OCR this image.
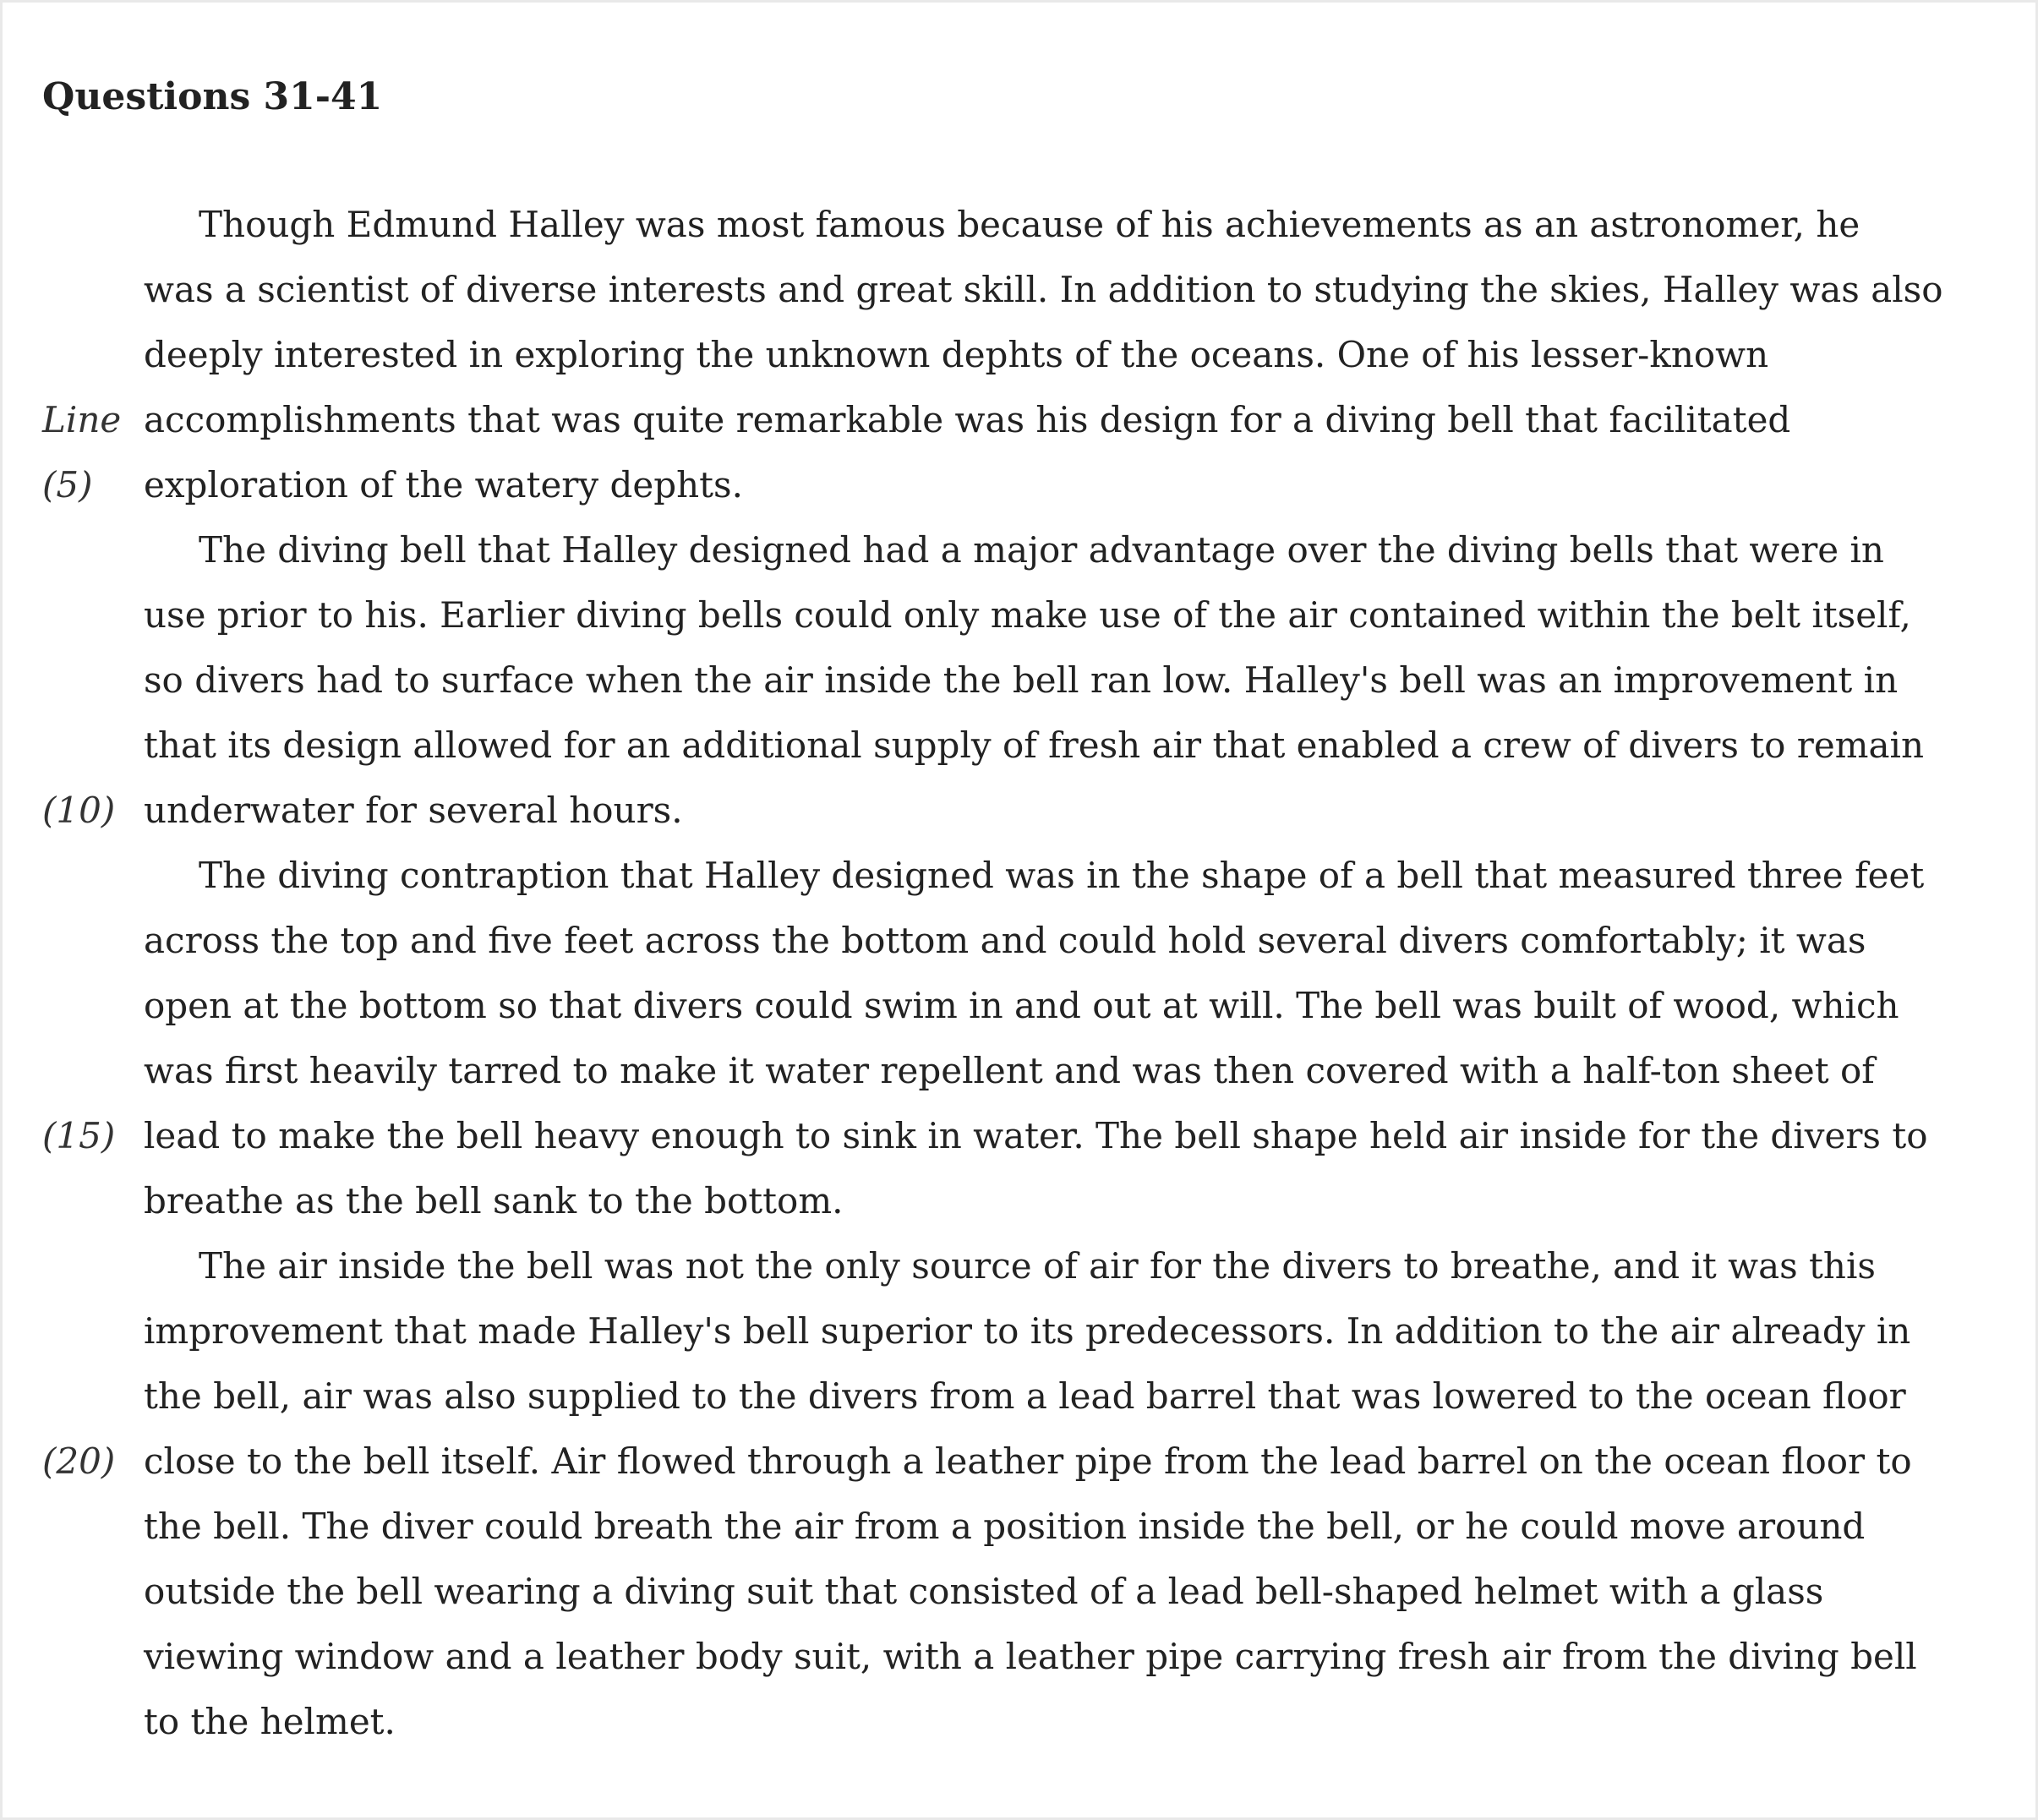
Questions 31-41
Though Edmund Halley was most famous because of his achievements as an astronomer, he
was a scientist of diverse interests and great skill. In addition to studying the skies, Halley was also
deeply interested in exploring the unknown dephts of the oceans. One of his lesser-known
Line accomplishments that was quite remarkable was his design for a diving bell that facilitated
(5) exploration of the watery dephts.
The diving bell that Halley designed had a major advantage over the diving bells that were in
use prior to his. Earlier diving bells could only make use of the air contained within the belt itself,
so divers had to surface when the air inside the bell ran low. Halley's bell was an improvement in
that its design allowed for an additional supply of fresh air that enabled a crew of divers to remain
(10) underwater for several hours.
The diving contraption that Halley designed was in the shape of a bell that measured three feet
across the top and five feet across the bottom and could hold several divers comfortably; it was
open at the bottom so that divers could swim in and out at will. The bell was built of wood, which
was first heavily tarred to make it water repellent and was then covered with a half-ton sheet of
(15) lead to make the bell heavy enough to sink in water. The bell shape held air inside for the divers to
breathe as the bell sank to the bottom.
The air inside the bell was not the only source of air for the divers to breathe, and it was this
improvement that made Halley's bell superior to its predecessors. In addition to the air already in
the bell, air was also supplied to the divers from a lead barrel that was lowered to the ocean floor
(20) close to the bell itself. Air flowed through a leather pipe from the lead barrel on the ocean floor to
the bell. The diver could breath the air from a position inside the bell, or he could move around
outside the bell wearing a diving suit that consisted of a lead bell-shaped helmet with a glass
viewing window and a leather body suit, with a leather pipe carrying fresh air from the diving bell
to the helmet.
